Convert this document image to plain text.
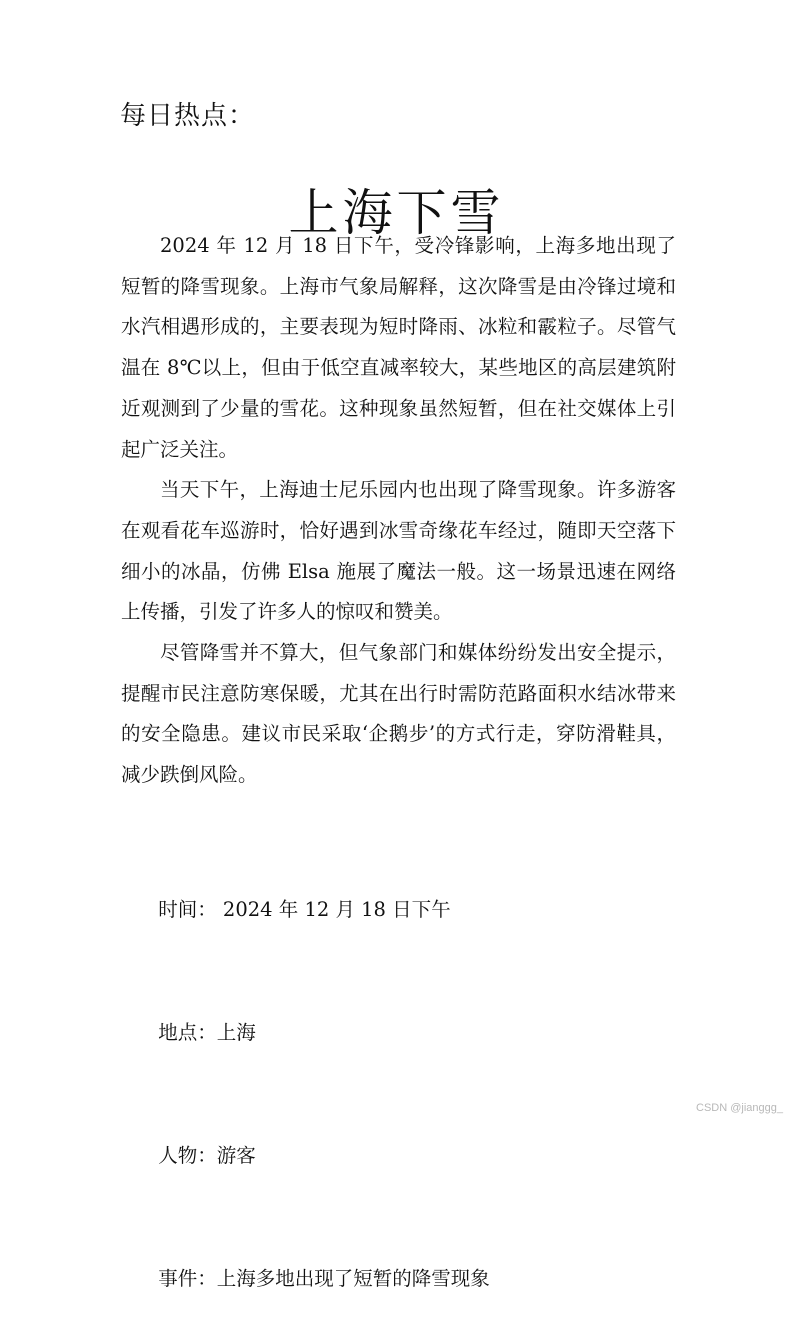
每日热点：
上海下雪

2024 年 12 月 18 日下午，受冷锋影响，上海多地出现了短暂的降雪现象。上海市气象局解释，这次降雪是由冷锋过境和水汽相遇形成的，主要表现为短时降雨、冰粒和霰粒子。尽管气温在 8℃以上，但由于低空直减率较大，某些地区的高层建筑附近观测到了少量的雪花。这种现象虽然短暂，但在社交媒体上引起广泛关注。

当天下午，上海迪士尼乐园内也出现了降雪现象。许多游客在观看花车巡游时，恰好遇到冰雪奇缘花车经过，随即天空落下细小的冰晶，仿佛 Elsa 施展了魔法一般。这一场景迅速在网络上传播，引发了许多人的惊叹和赞美。

尽管降雪并不算大，但气象部门和媒体纷纷发出安全提示，提醒市民注意防寒保暖，尤其在出行时需防范路面积水结冰带来的安全隐患。建议市民采取‘企鹅步’的方式行走，穿防滑鞋具，减少跌倒风险。

时间： 2024 年 12 月 18 日下午

地点：上海

人物：游客

事件：上海多地出现了短暂的降雪现象

CSDN @jianggg_
